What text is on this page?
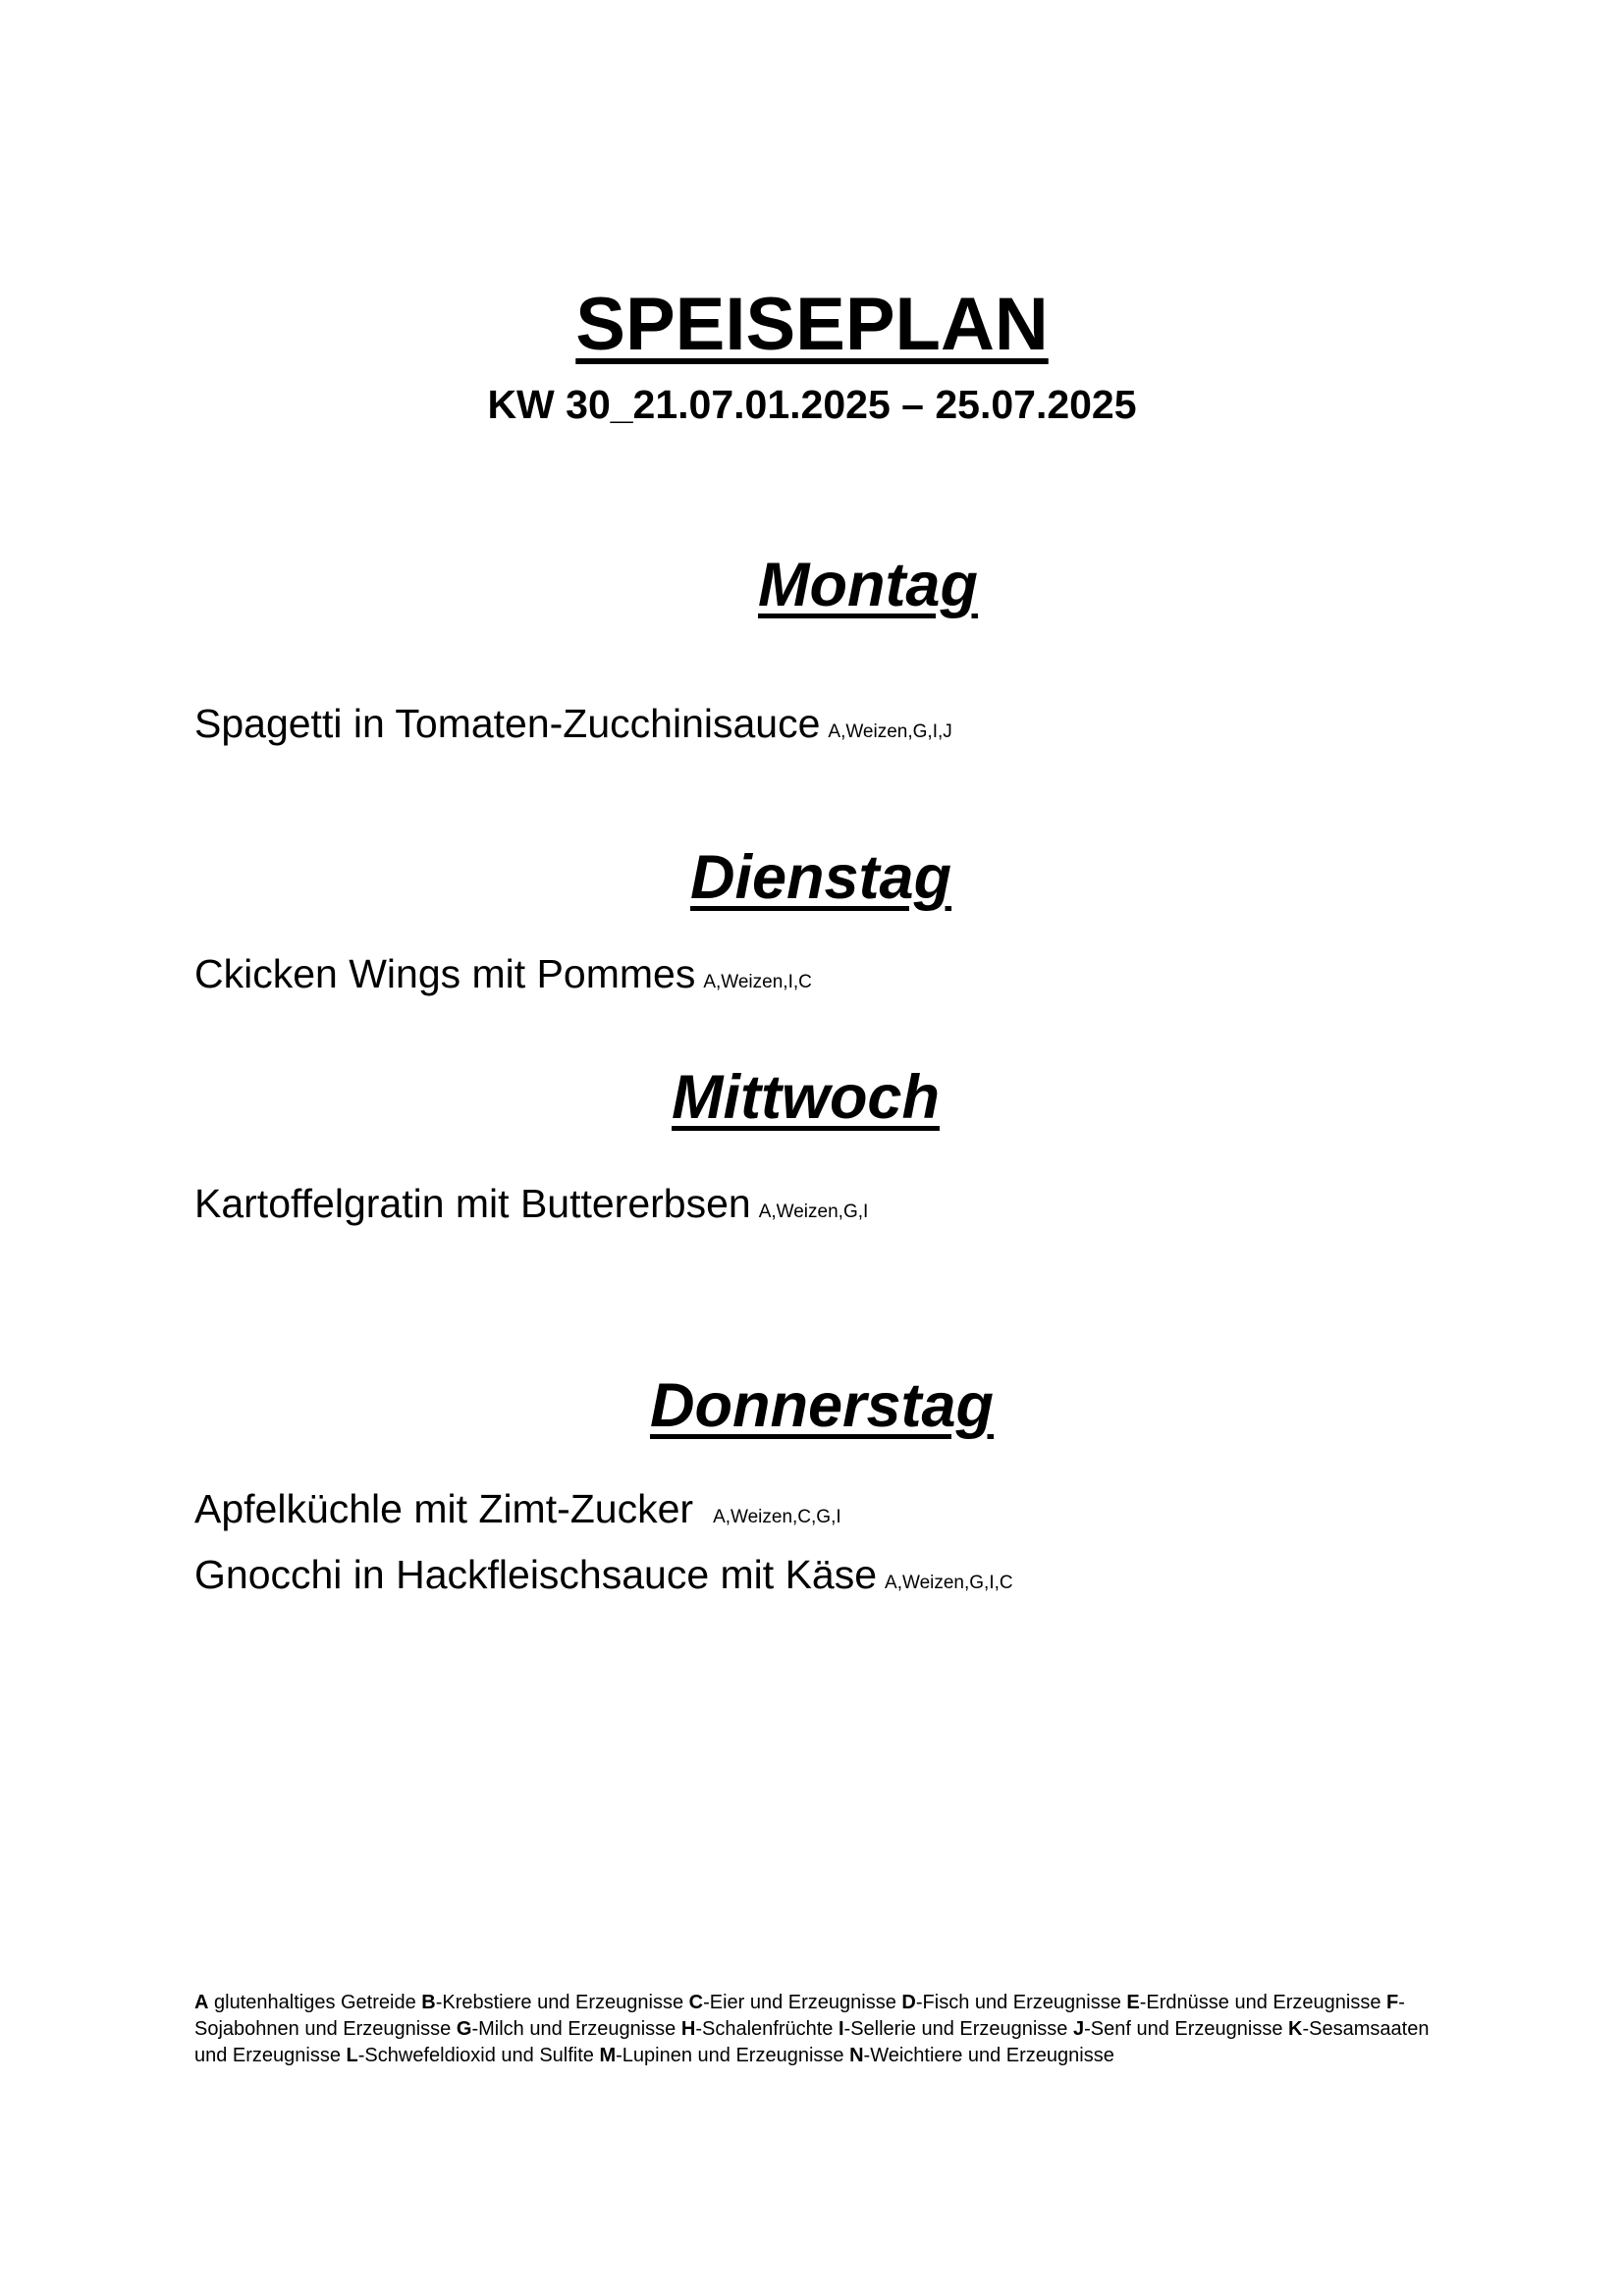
SPEISEPLAN
KW 30_21.07.01.2025 – 25.07.2025
Montag
Spagetti in Tomaten-Zucchinisauce A,Weizen,G,I,J
Dienstag
Ckicken Wings mit Pommes A,Weizen,I,C
Mittwoch
Kartoffelgratin mit Buttererbsen A,Weizen,G,I
Donnerstag
Apfelküchle mit Zimt-Zucker A,Weizen,C,G,I
Gnocchi in Hackfleischsauce mit Käse A,Weizen,G,I,C
A glutenhaltiges Getreide B-Krebstiere und Erzeugnisse C-Eier und Erzeugnisse D-Fisch und Erzeugnisse E-Erdnüsse und Erzeugnisse F-Sojabohnen und Erzeugnisse G-Milch und Erzeugnisse H-Schalenfrüchte I-Sellerie und Erzeugnisse J-Senf und Erzeugnisse K-Sesamsaaten und Erzeugnisse L-Schwefeldioxid und Sulfite M-Lupinen und Erzeugnisse N-Weichtiere und Erzeugnisse
